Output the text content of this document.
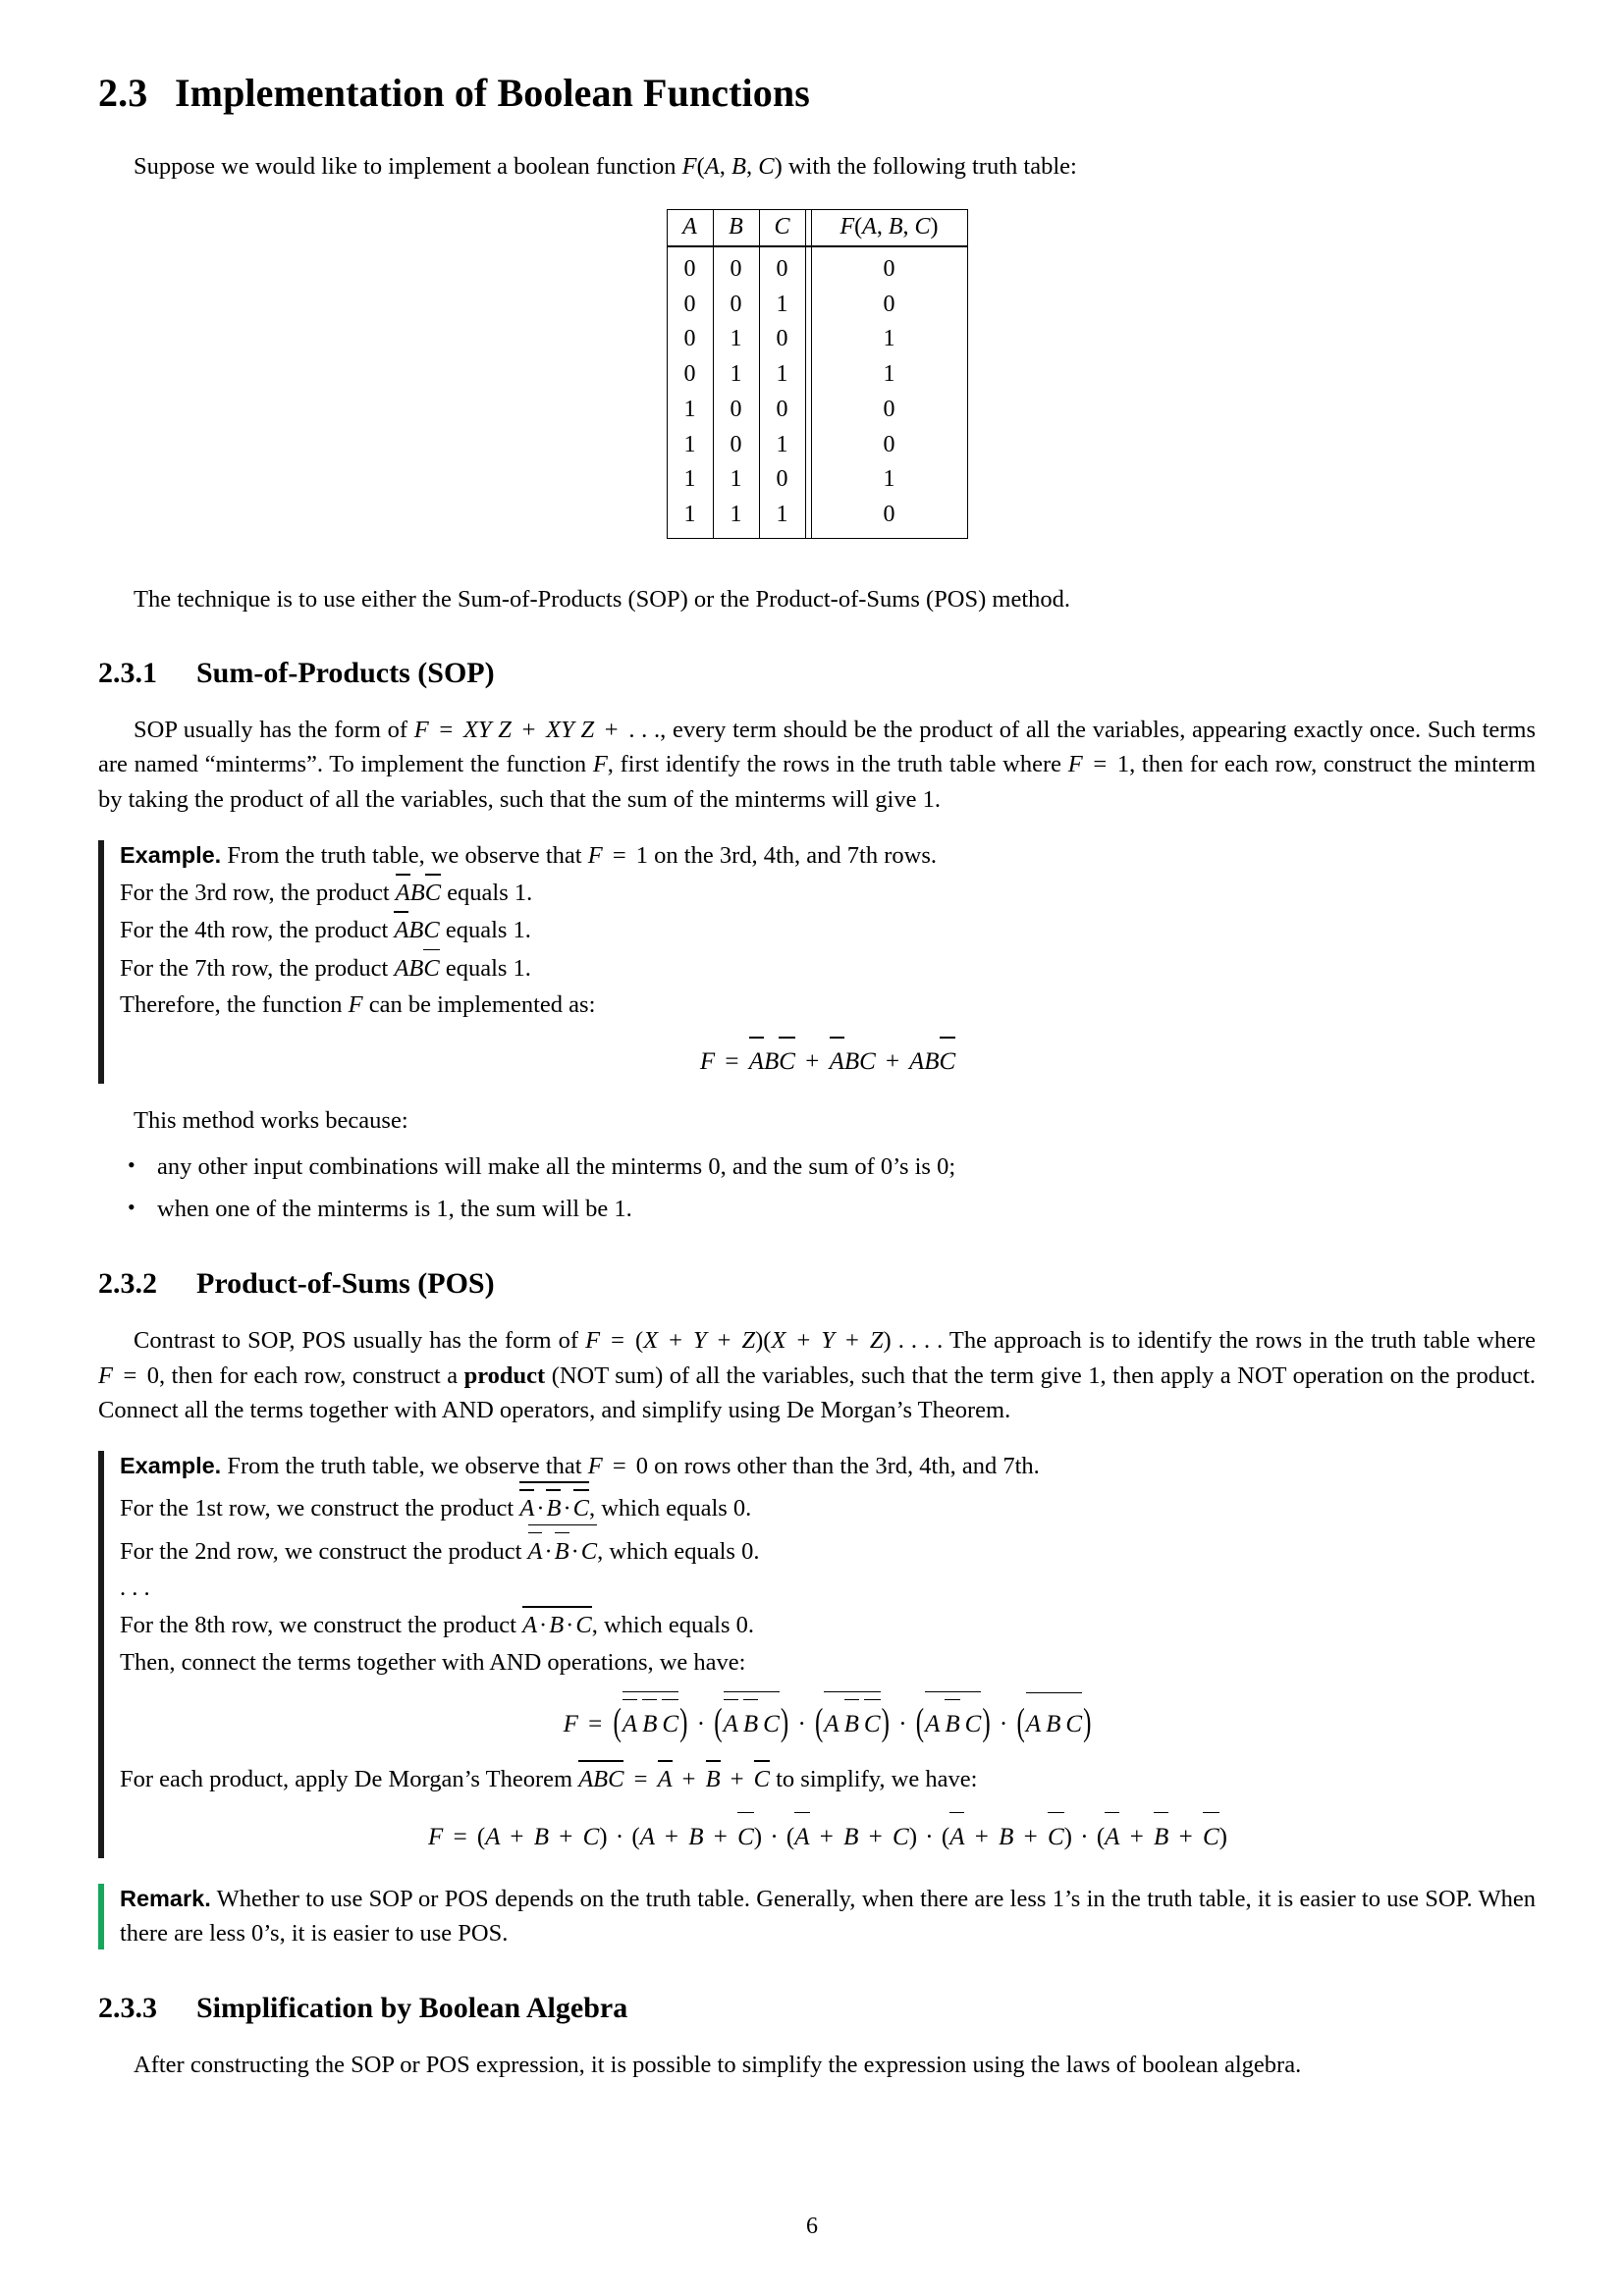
2.3 Implementation of Boolean Functions

Suppose we would like to implement a boolean function F(A, B, C) with the following truth table:

A	B	C		F(A, B, C)
0	0	0		0
0	0	1		0
0	1	0		1
0	1	1		1
1	0	0		0
1	0	1		0
1	1	0		1
1	1	1		0

The technique is to use either the Sum-of-Products (SOP) or the Product-of-Sums (POS) method.

2.3.1 Sum-of-Products (SOP)

SOP usually has the form of F = XY Z + XY Z + . . ., every term should be the product of all the variables, appearing exactly once. Such terms are named “minterms”. To implement the function F, first identify the rows in the truth table where F = 1, then for each row, construct the minterm by taking the product of all the variables, such that the sum of the minterms will give 1.

Example. From the truth table, we observe that F = 1 on the 3rd, 4th, and 7th rows.

For the 3rd row, the product ABC equals 1.

For the 4th row, the product ABC equals 1.

For the 7th row, the product ABC equals 1.

Therefore, the function F can be implemented as:

F = ABC + ABC + ABC

This method works because:

• any other input combinations will make all the minterms 0, and the sum of 0’s is 0;
• when one of the minterms is 1, the sum will be 1.
2.3.2 Product-of-Sums (POS)

Contrast to SOP, POS usually has the form of F = (X + Y + Z)(X + Y + Z) . . . . The approach is to identify the rows in the truth table where F = 0, then for each row, construct a product (NOT sum) of all the variables, such that the term give 1, then apply a NOT operation on the product. Connect all the terms together with AND operators, and simplify using De Morgan’s Theorem.

Example. From the truth table, we observe that F = 0 on rows other than the 3rd, 4th, and 7th.

For the 1st row, we construct the product A·B·C, which equals 0.

For the 2nd row, we construct the product A·B·C, which equals 0.

. . .

For the 8th row, we construct the product A·B·C, which equals 0.

Then, connect the terms together with AND operations, we have:

F = (A  B  C) · (A  B C) · (A B  C) · (A B C) · (A B C)

For each product, apply De Morgan’s Theorem ABC = A + B + C to simplify, we have:

F = (A + B + C) · (A + B + C) · (A + B + C) · (A + B + C) · (A + B + C)

Remark. Whether to use SOP or POS depends on the truth table. Generally, when there are less 1’s in the truth table, it is easier to use SOP. When there are less 0’s, it is easier to use POS.

2.3.3 Simplification by Boolean Algebra

After constructing the SOP or POS expression, it is possible to simplify the expression using the laws of boolean algebra.

6
